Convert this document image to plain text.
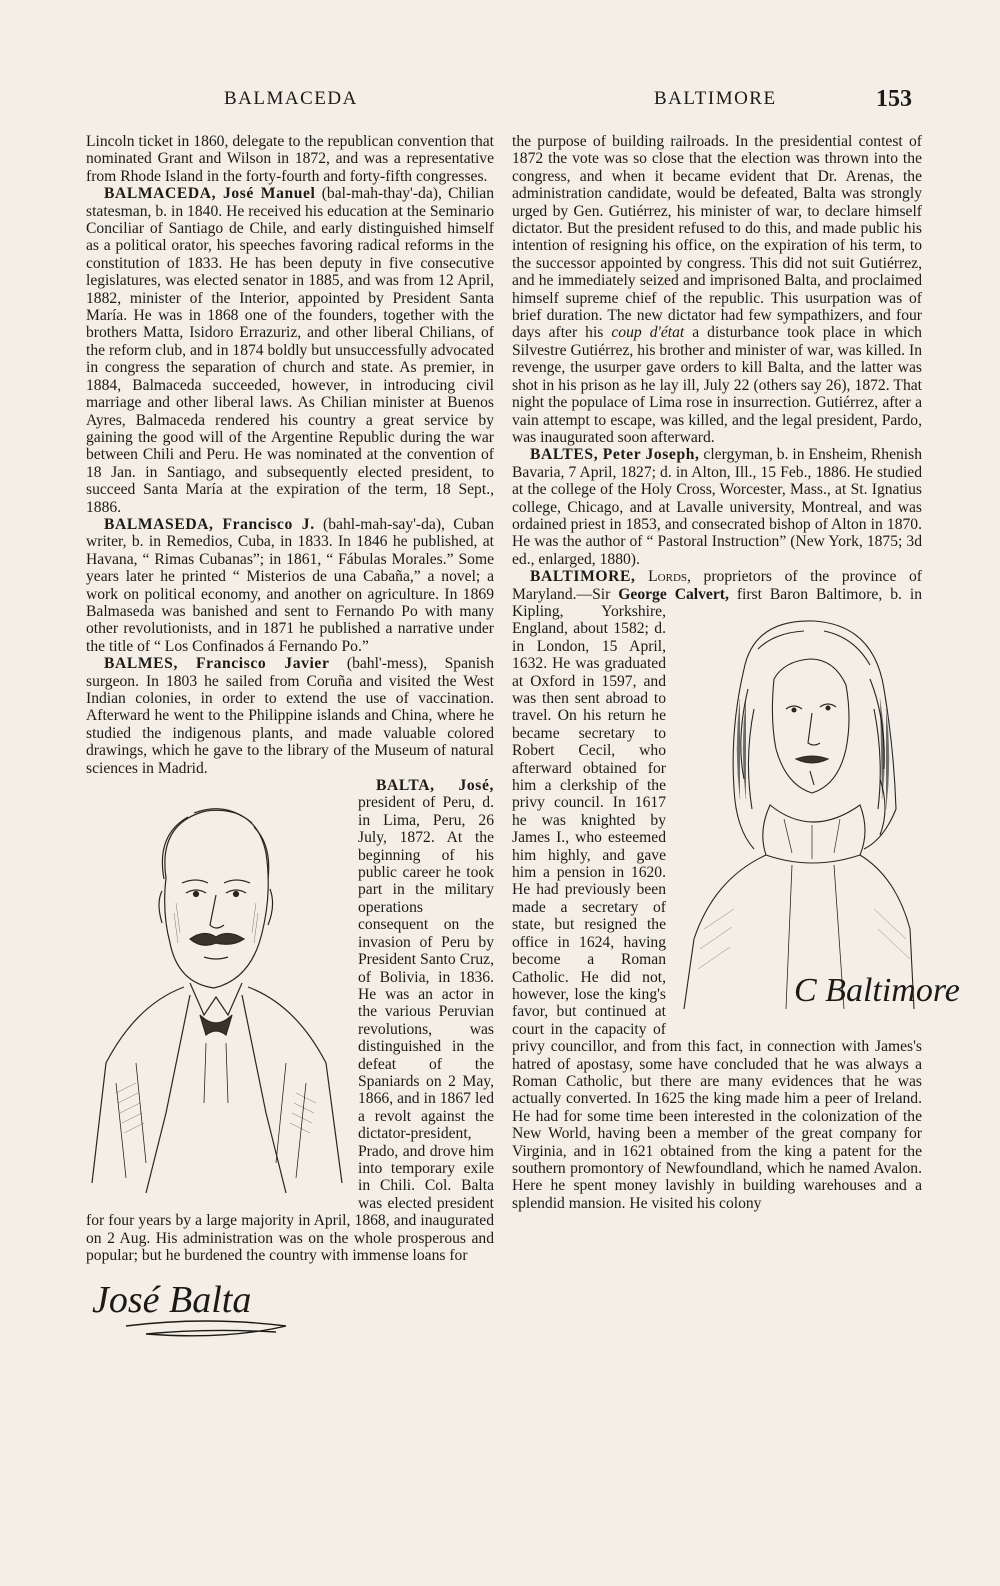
BALMACEDA	BALTIMORE	153

Lincoln ticket in 1860, delegate to the republican convention that nominated Grant and Wilson in 1872, and was a representative from Rhode Island in the forty-fourth and forty-fifth congresses.

BALMACEDA, José Manuel (bal-mah-thay'-da), Chilian statesman, b. in 1840. He received his education at the Seminario Conciliar of Santiago de Chile, and early distinguished himself as a political orator, his speeches favoring radical reforms in the constitution of 1833. He has been deputy in five consecutive legislatures, was elected senator in 1885, and was from 12 April, 1882, minister of the Interior, appointed by President Santa María. He was in 1868 one of the founders, together with the brothers Matta, Isidoro Errazuriz, and other liberal Chilians, of the reform club, and in 1874 boldly but unsuccessfully advocated in congress the separation of church and state. As premier, in 1884, Balmaceda succeeded, however, in introducing civil marriage and other liberal laws. As Chilian minister at Buenos Ayres, Balmaceda rendered his country a great service by gaining the good will of the Argentine Republic during the war between Chili and Peru. He was nominated at the convention of 18 Jan. in Santiago, and subsequently elected president, to succeed Santa María at the expiration of the term, 18 Sept., 1886.

BALMASEDA, Francisco J. (bahl-mah-say'-da), Cuban writer, b. in Remedios, Cuba, in 1833. In 1846 he published, at Havana, “ Rimas Cubanas”; in 1861, “ Fábulas Morales.” Some years later he printed “ Misterios de una Cabaña,” a novel; a work on political economy, and another on agriculture. In 1869 Balmaseda was banished and sent to Fernando Po with many other revolutionists, and in 1871 he published a narrative under the title of “ Los Confinados á Fernando Po.”

BALMES, Francisco Javier (bahl'-mess), Spanish surgeon. In 1803 he sailed from Coruña and visited the West Indian colonies, in order to extend the use of vaccination. Afterward he went to the Philippine islands and China, where he studied the indigenous plants, and made valuable colored drawings, which he gave to the library of the Museum of natural sciences in Madrid.

BALTA, José,
president of Peru, d. in Lima, Peru, 26 July, 1872. At the beginning of his public career he took part in the military operations consequent on the invasion of Peru by President Santo Cruz, of Bolivia, in 1836. He was an actor in the various Peruvian revolutions, was distinguished in the defeat of the Spaniards on 2 May, 1866, and in 1867 led a revolt against the dictator-president, Prado, and drove him into temporary exile in Chili. Col. Balta was elected president for four years by a large majority in April, 1868, and inaugurated on 2 Aug. His administration was on the whole prosperous and popular; but he burdened the country with immense loans for

the purpose of building railroads. In the presidential contest of 1872 the vote was so close that the election was thrown into the congress, and when it became evident that Dr. Arenas, the administration candidate, would be defeated, Balta was strongly urged by Gen. Gutiérrez, his minister of war, to declare himself dictator. But the president refused to do this, and made public his intention of resigning his office, on the expiration of his term, to the successor appointed by congress. This did not suit Gutiérrez, and he immediately seized and imprisoned Balta, and proclaimed himself supreme chief of the republic. This usurpation was of brief duration. The new dictator had few sympathizers, and four days after his coup d'état a disturbance took place in which Silvestre Gutiérrez, his brother and minister of war, was killed. In revenge, the usurper gave orders to kill Balta, and the latter was shot in his prison as he lay ill, July 22 (others say 26), 1872. That night the populace of Lima rose in insurrection. Gutiérrez, after a vain attempt to escape, was killed, and the legal president, Pardo, was inaugurated soon afterward.

BALTES, Peter Joseph, clergyman, b. in Ensheim, Rhenish Bavaria, 7 April, 1827; d. in Alton, Ill., 15 Feb., 1886. He studied at the college of the Holy Cross, Worcester, Mass., at St. Ignatius college, Chicago, and at Lavalle university, Montreal, and was ordained priest in 1853, and consecrated bishop of Alton in 1870. He was the author of “ Pastoral Instruction” (New York, 1875; 3d ed., enlarged, 1880).

BALTIMORE, Lords, proprietors of the province of Maryland.—Sir George Calvert,
C Baltimore
first Baron Baltimore, b. in Kipling, Yorkshire, England, about 1582; d. in London, 15 April, 1632. He was graduated at Oxford in 1597, and was then sent abroad to travel. On his return he became secretary to Robert Cecil, who afterward obtained for him a clerkship of the privy council. In 1617 he was knighted by James I., who esteemed him highly, and gave him a pension in 1620. He had previously been made a secretary of state, but resigned the office in 1624, having become a Roman Catholic. He did not, however, lose the king's favor, but continued at court in the capacity of privy councillor, and from this fact, in connection with James's hatred of apostasy, some have concluded that he was always a Roman Catholic, but there are many evidences that he was actually converted. In 1625 the king made him a peer of Ireland. He had for some time been interested in the colonization of the New World, having been a member of the great company for Virginia, and in 1621 obtained from the king a patent for the southern promontory of Newfoundland, which he named Avalon. Here he spent money lavishly in building warehouses and a splendid mansion. He visited his colony

José Balta
